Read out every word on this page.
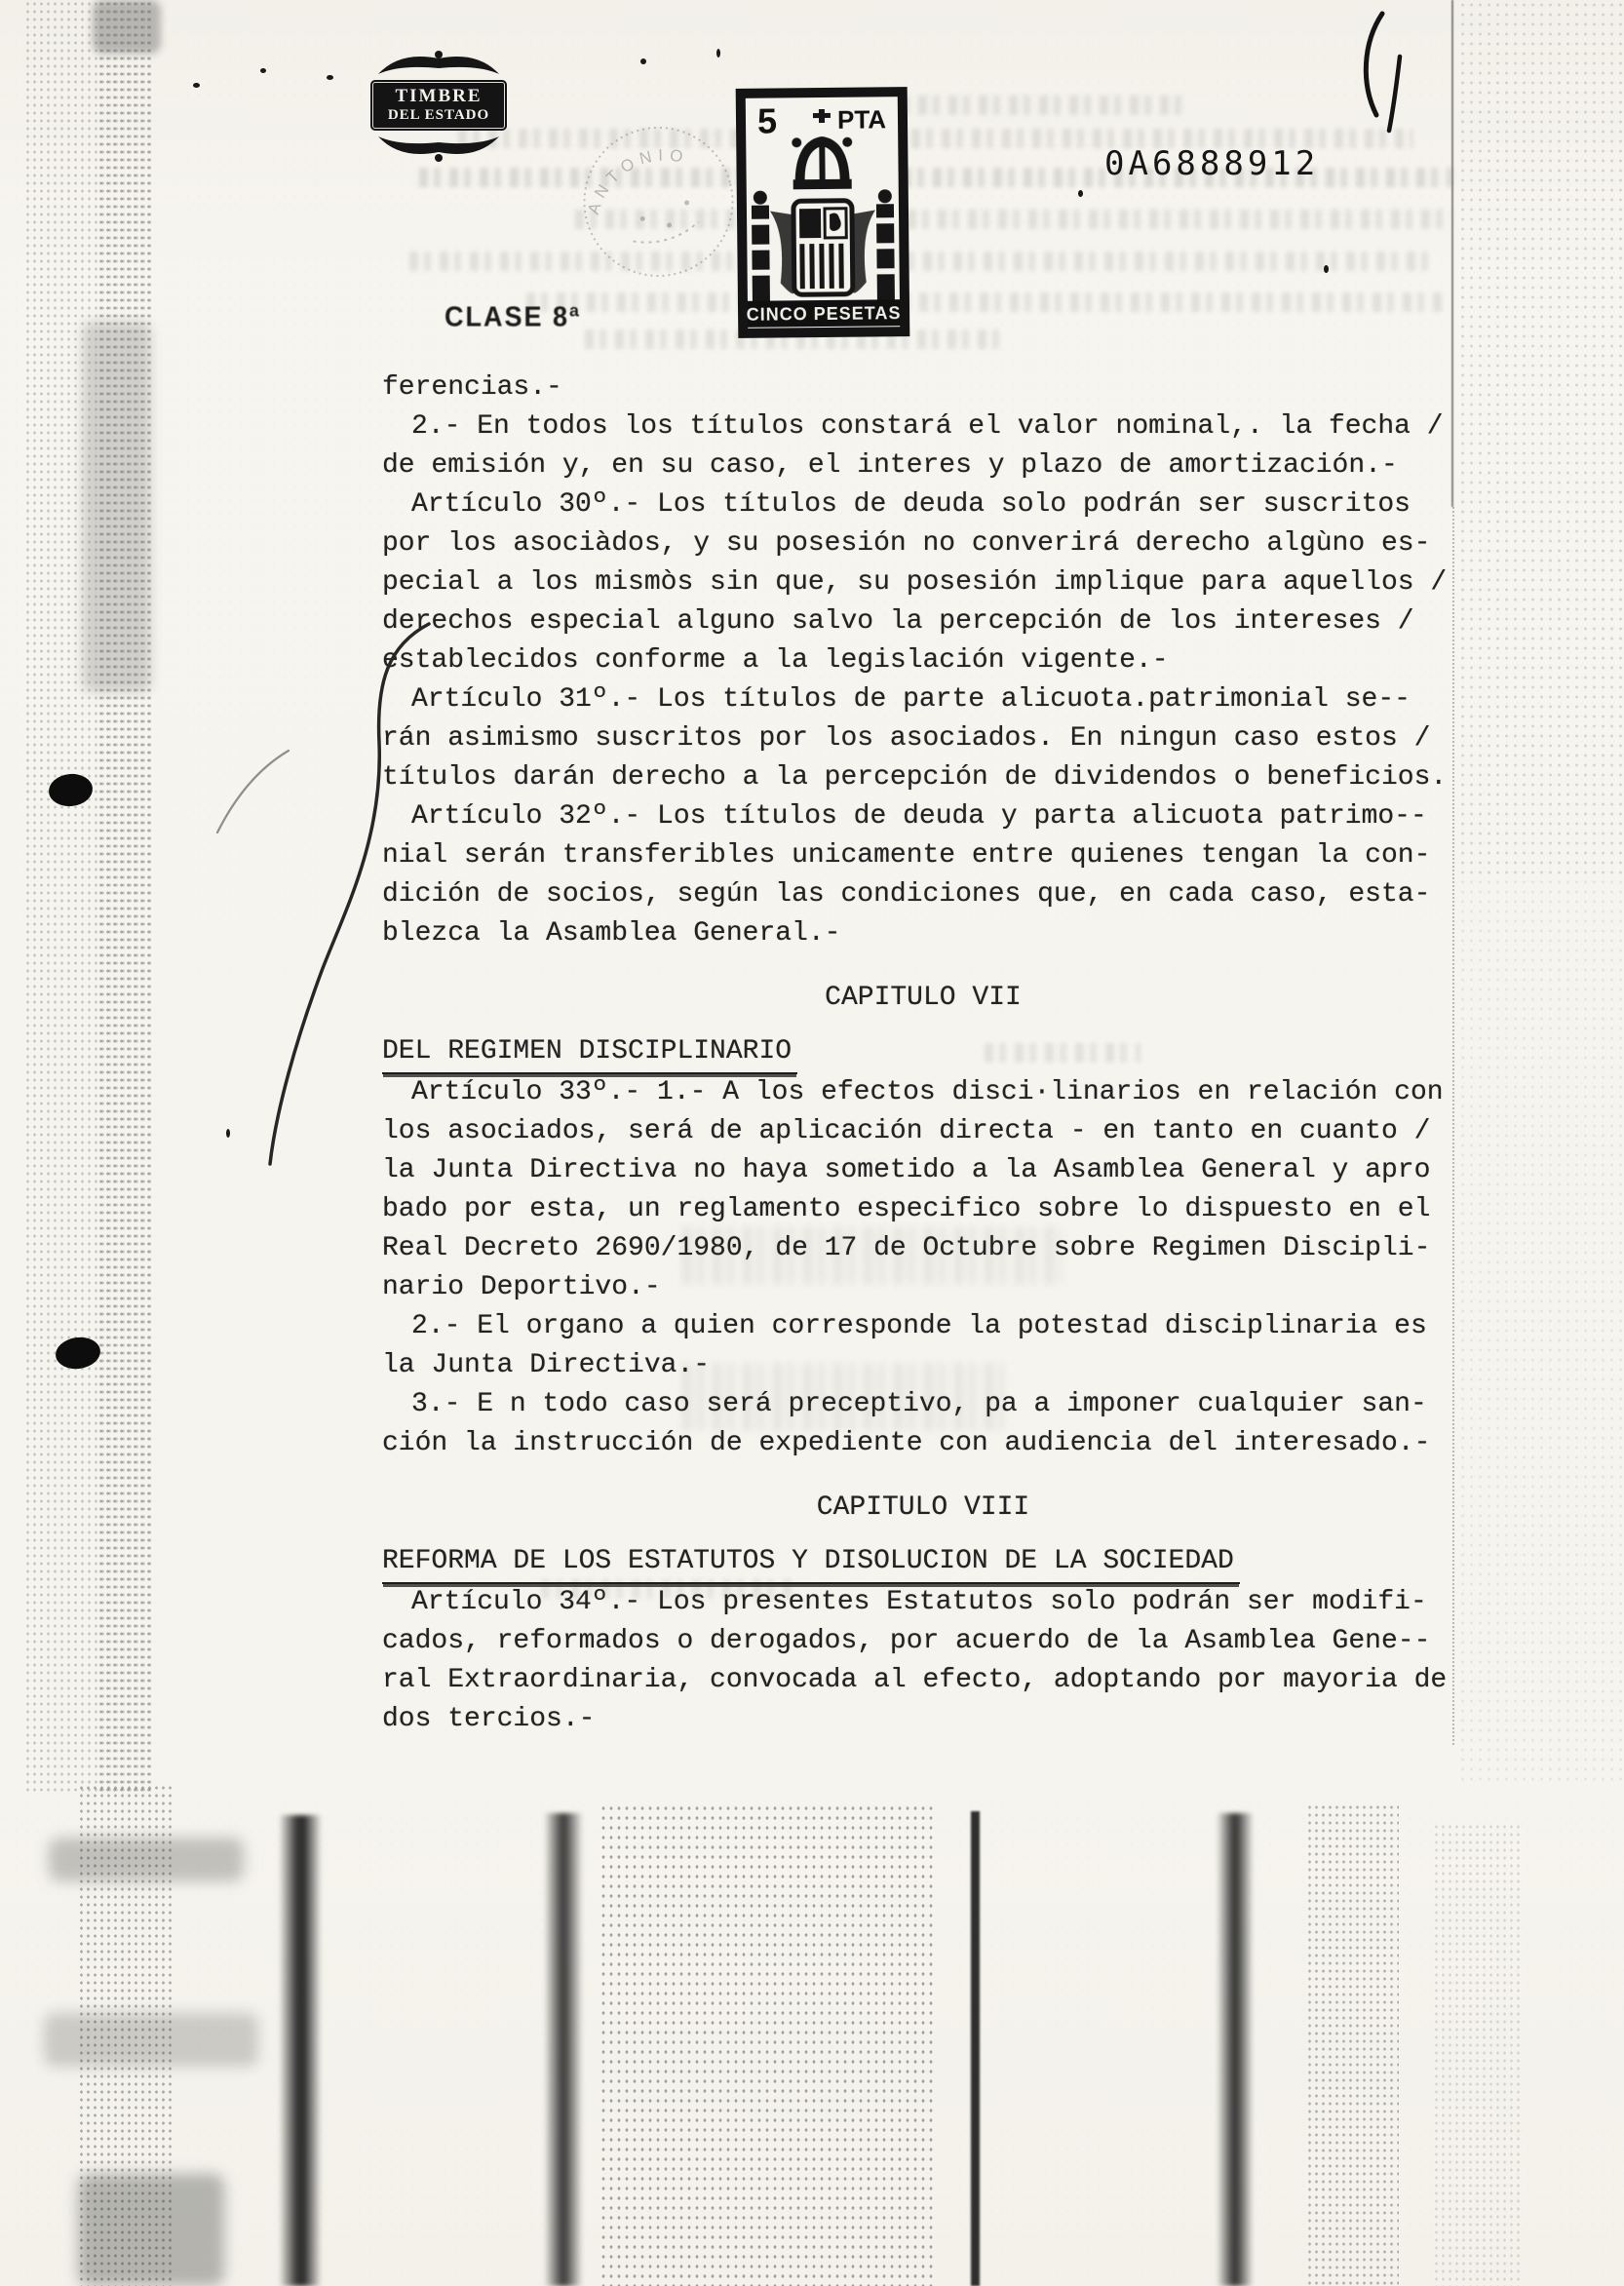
TIMBRE
DEL ESTADO
ANTONIO
5 PTA
CINCO PESETAS
0A6888912
CLASE 8ª
ferencias.-
2.- En todos los títulos constará el valor nominal,. la fecha /
de emisión y, en su caso, el interes y plazo de amortización.-
Artículo 30º.- Los títulos de deuda solo podrán ser suscritos
por los asociàdos, y su posesión no converirá derecho algùno es-
pecial a los mismòs sin que, su posesión implique para aquellos /
derechos especial alguno salvo la percepción de los intereses /
establecidos conforme a la legislación vigente.-
Artículo 31º.- Los títulos de parte alicuota.patrimonial se--
rán asimismo suscritos por los asociados. En ningun caso estos /
títulos darán derecho a la percepción de dividendos o beneficios.
Artículo 32º.- Los títulos de deuda y parta alicuota patrimo--
nial serán transferibles unicamente entre quienes tengan la con-
dición de socios, según las condiciones que, en cada caso, esta-
blezca la Asamblea General.-
CAPITULO VII
DEL REGIMEN DISCIPLINARIO
Artículo 33º.- 1.- A los efectos disci·linarios en relación con
los asociados, será de aplicación directa - en tanto en cuanto /
la Junta Directiva no haya sometido a la Asamblea General y apro
bado por esta, un reglamento especifico sobre lo dispuesto en el
Real Decreto 2690/1980, de 17 de Octubre sobre Regimen Discipli-
nario Deportivo.-
2.- El organo a quien corresponde la potestad disciplinaria es
la Junta Directiva.-
3.- E n todo caso será preceptivo, pa a imponer cualquier san-
ción la instrucción de expediente con audiencia del interesado.-
CAPITULO VIII
REFORMA DE LOS ESTATUTOS Y DISOLUCION DE LA SOCIEDAD
Artículo 34º.- Los presentes Estatutos solo podrán ser modifi-
cados, reformados o derogados, por acuerdo de la Asamblea Gene--
ral Extraordinaria, convocada al efecto, adoptando por mayoria de
dos tercios.-
